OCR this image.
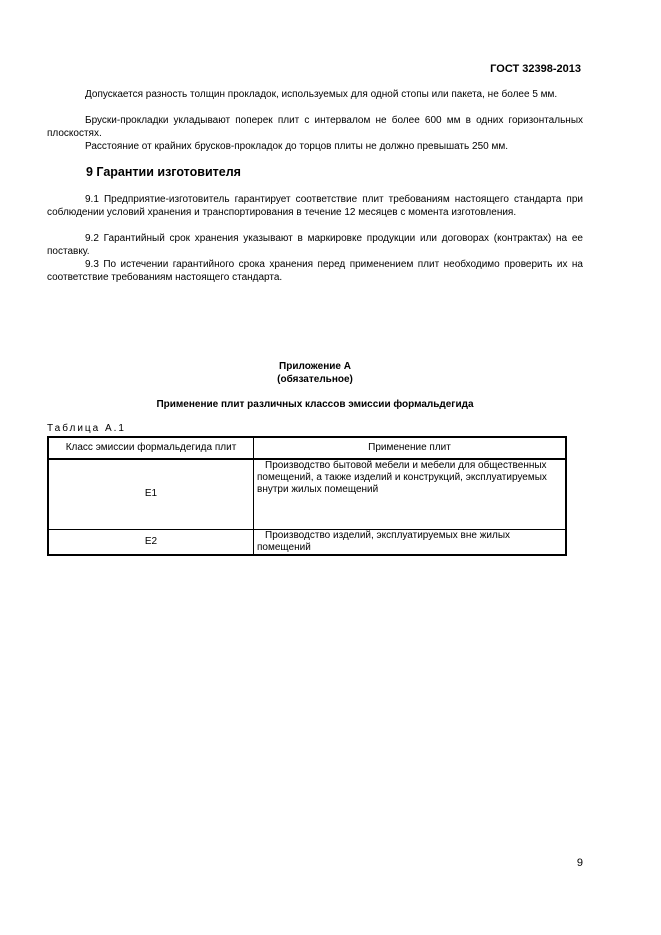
ГОСТ 32398-2013

Допускается разность толщин прокладок, используемых для одной стопы или пакета, не более 5 мм.

Бруски-прокладки укладывают поперек плит с интервалом не более 600 мм в одних горизонтальных плоскостях.

Расстояние от крайних брусков-прокладок до торцов плиты не должно превышать 250 мм.

9 Гарантии изготовителя

9.1 Предприятие-изготовитель гарантирует соответствие плит требованиям настоящего стандарта при соблюдении условий хранения и транспортирования в течение 12 месяцев с момента изготовления.

9.2 Гарантийный срок хранения указывают в маркировке продукции или договорах (контрактах) на ее поставку.

9.3 По истечении гарантийного срока хранения перед применением плит необходимо проверить их на соответствие требованиям настоящего стандарта.

Приложение А
(обязательное)
Применение плит различных классов эмиссии формальдегида
Таблица А.1
Класс эмиссии формальдегида плит	Применение плит
E1	Производство бытовой мебели и мебели для общественных помещений, а также изделий и конструкций, эксплуатируемых внутри жилых помещений
E2	Производство изделий, эксплуатируемых вне жилых помещений
9
